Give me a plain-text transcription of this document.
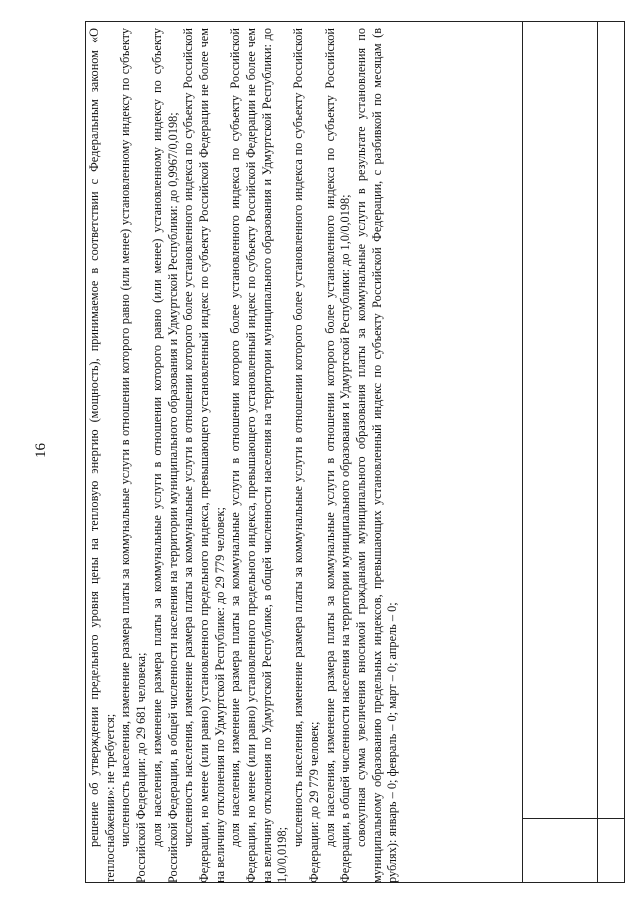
16	решение об утверждении предельного уровня цены на тепловую энергию (мощность), принимаемое в соответствии с Федеральным законом «О теплоснабжении»: не требуется; численность населения, изменение размера платы за коммунальные услуги в отношении которого равно (или менее) установленному индексу по субъекту Российской Федерации: до 29 681 человека; доля населения, изменение размера платы за коммунальные услуги в отношении которого равно (или менее) установленному индексу по субъекту Российской Федерации, в общей численности населения на территории муниципального образования и Удмуртской Республики: до 0,9967/0,0198; численность населения, изменение размера платы за коммунальные услуги в отношении которого более установленного индекса по субъекту Российской Федерации, но менее (или равно) установленного предельного индекса, превышающего установленный индекс по субъекту Российской Федерации не более чем на величину отклонения по Удмуртской Республике: до 29 779 человек; доля населения, изменение размера платы за коммунальные услуги в отношении которого более установленного индекса по субъекту Российской Федерации, но менее (или равно) установленного предельного индекса, превышающего установленный индекс по субъекту Российской Федерации не более чем на величину отклонения по Удмуртской Республике, в общей численности населения на территории муниципального образования и Удмуртской Республики: до 1,0/0,0198;

численность населения, изменение размера платы за коммунальные услуги в отношении которого более установленного индекса по субъекту Российской Федерации: до 29 779 человек; доля населения, изменение размера платы за коммунальные услуги в отношении которого более установленного индекса по субъекту Российской Федерации, в общей численности населения на территории муниципального образования и Удмуртской Республики: до 1,0/0,0198; совокупная сумма увеличения вносимой гражданами муниципального образования платы за коммунальные услуги в результате установления по муниципальному образованию предельных индексов, превышающих установленный индекс по субъекту Российской Федерации, с разбивкой по месяцам (в рублях): январь – 0; февраль – 0; март – 0; апрель – 0;
